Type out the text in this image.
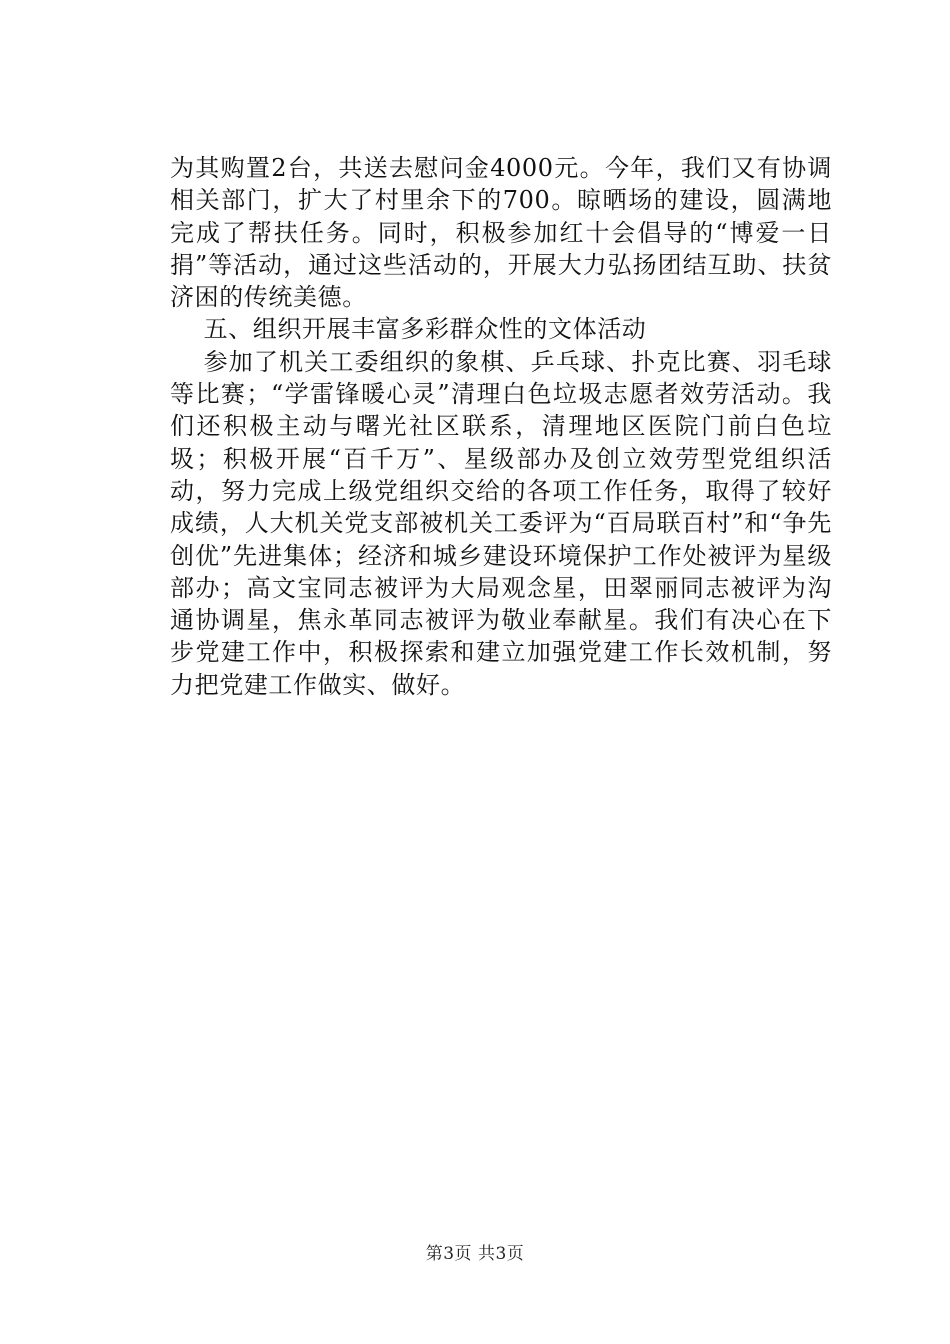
为其购置2台，共送去慰问金4000元。今年，我们又有协调相关部门，扩大了村里余下的700。晾晒场的建设，圆满地完成了帮扶任务。同时，积极参加红十会倡导的“博爱一日捐”等活动，通过这些活动的，开展大力弘扬团结互助、扶贫济困的传统美德。

五、组织开展丰富多彩群众性的文体活动

参加了机关工委组织的象棋、乒乓球、扑克比赛、羽毛球等比赛；“学雷锋暖心灵”清理白色垃圾志愿者效劳活动。我们还积极主动与曙光社区联系，清理地区医院门前白色垃圾；积极开展“百千万”、星级部办及创立效劳型党组织活动，努力完成上级党组织交给的各项工作任务，取得了较好成绩，人大机关党支部被机关工委评为“百局联百村”和“争先创优”先进集体；经济和城乡建设环境保护工作处被评为星级部办；高文宝同志被评为大局观念星，田翠丽同志被评为沟通协调星，焦永革同志被评为敬业奉献星。我们有决心在下步党建工作中，积极探索和建立加强党建工作长效机制，努力把党建工作做实、做好。

第3页 共3页
